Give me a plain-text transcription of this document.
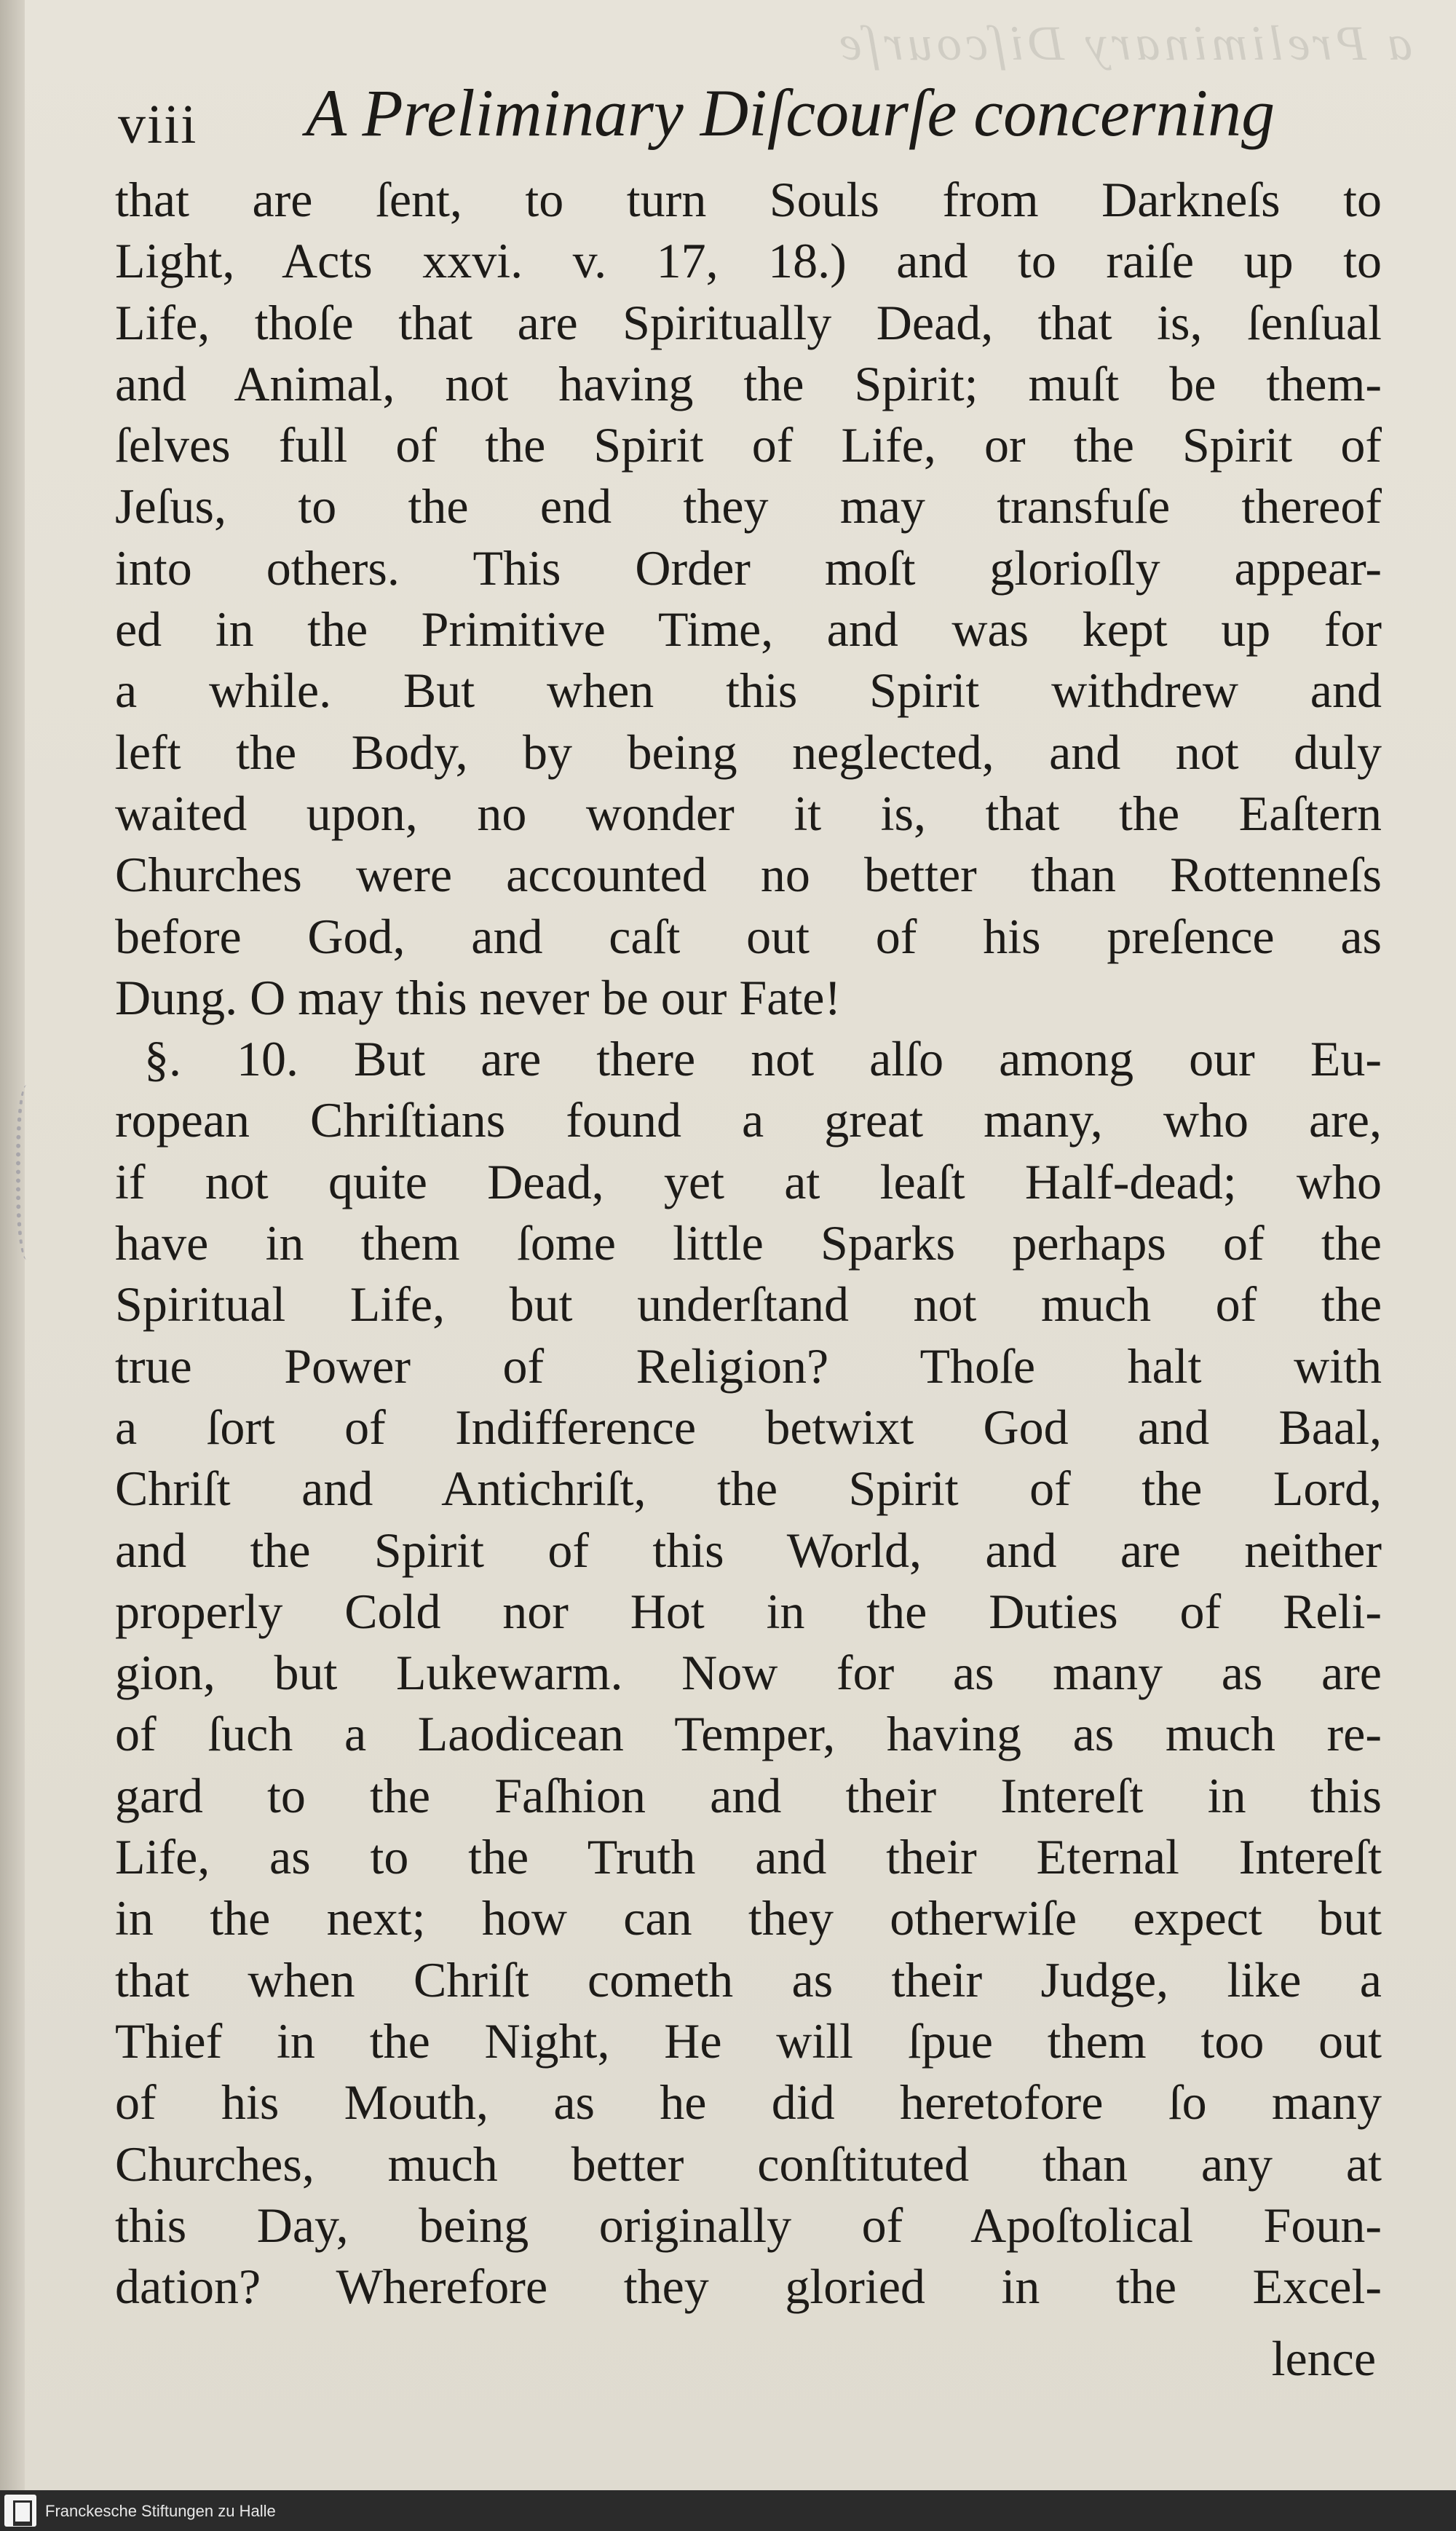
a Preliminary Diſcourſe
viii A Preliminary Diſcourſe concerning
that are ſent, to turn Souls from Darkneſs to
Light, Acts xxvi. v. 17, 18.) and to raiſe up to
Life, thoſe that are Spiritually Dead, that is, ſenſual
and Animal, not having the Spirit; muſt be them-
ſelves full of the Spirit of Life, or the Spirit of
Jeſus, to the end they may transfuſe thereof
into others. This Order moſt glorioſly appear-
ed in the Primitive Time, and was kept up for
a while. But when this Spirit withdrew and
left the Body, by being neglected, and not duly
waited upon, no wonder it is, that the Eaſtern
Churches were accounted no better than Rottenneſs
before God, and caſt out of his preſence as
Dung. O may this never be our Fate!
§. 10. But are there not alſo among our Eu-
ropean Chriſtians found a great many, who are,
if not quite Dead, yet at leaſt Half-dead; who
have in them ſome little Sparks perhaps of the
Spiritual Life, but underſtand not much of the
true Power of Religion? Thoſe halt with
a ſort of Indifference betwixt God and Baal,
Chriſt and Antichriſt, the Spirit of the Lord,
and the Spirit of this World, and are neither
properly Cold nor Hot in the Duties of Reli-
gion, but Lukewarm. Now for as many as are
of ſuch a Laodicean Temper, having as much re-
gard to the Faſhion and their Intereſt in this
Life, as to the Truth and their Eternal Intereſt
in the next; how can they otherwiſe expect but
that when Chriſt cometh as their Judge, like a
Thief in the Night, He will ſpue them too out
of his Mouth, as he did heretofore ſo many
Churches, much better conſtituted than any at
this Day, being originally of Apoſtolical Foun-
dation? Wherefore they gloried in the Excel-
lence
Franckesche Stiftungen zu Halle
